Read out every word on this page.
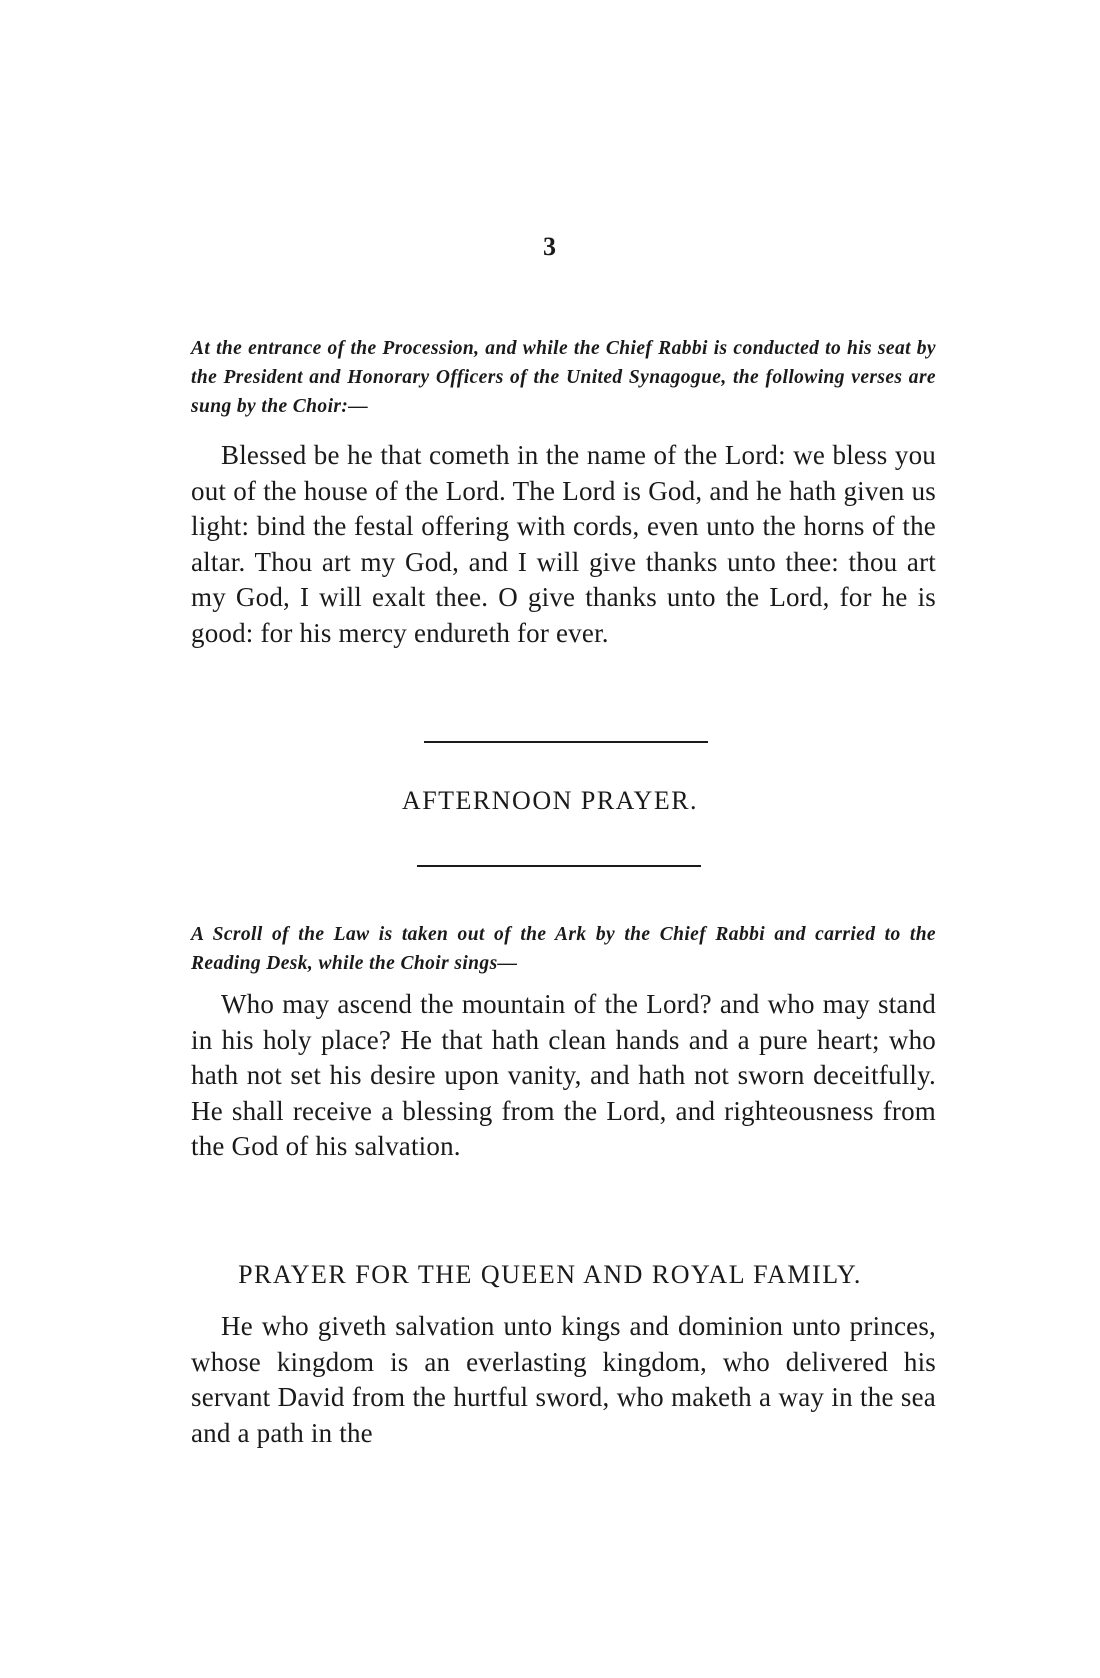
3
At the entrance of the Procession, and while the Chief Rabbi is conducted to his seat by the President and Honorary Officers of the United Synagogue, the following verses are sung by the Choir:—
Blessed be he that cometh in the name of the Lord: we bless you out of the house of the Lord. The Lord is God, and he hath given us light: bind the festal offering with cords, even unto the horns of the altar. Thou art my God, and I will give thanks unto thee: thou art my God, I will exalt thee. O give thanks unto the Lord, for he is good: for his mercy endureth for ever.
AFTERNOON PRAYER.
A Scroll of the Law is taken out of the Ark by the Chief Rabbi and carried to the Reading Desk, while the Choir sings—
Who may ascend the mountain of the Lord? and who may stand in his holy place? He that hath clean hands and a pure heart; who hath not set his desire upon vanity, and hath not sworn deceitfully. He shall receive a blessing from the Lord, and righteousness from the God of his salvation.
PRAYER FOR THE QUEEN AND ROYAL FAMILY.
He who giveth salvation unto kings and dominion unto princes, whose kingdom is an everlasting kingdom, who delivered his servant David from the hurtful sword, who maketh a way in the sea and a path in the
